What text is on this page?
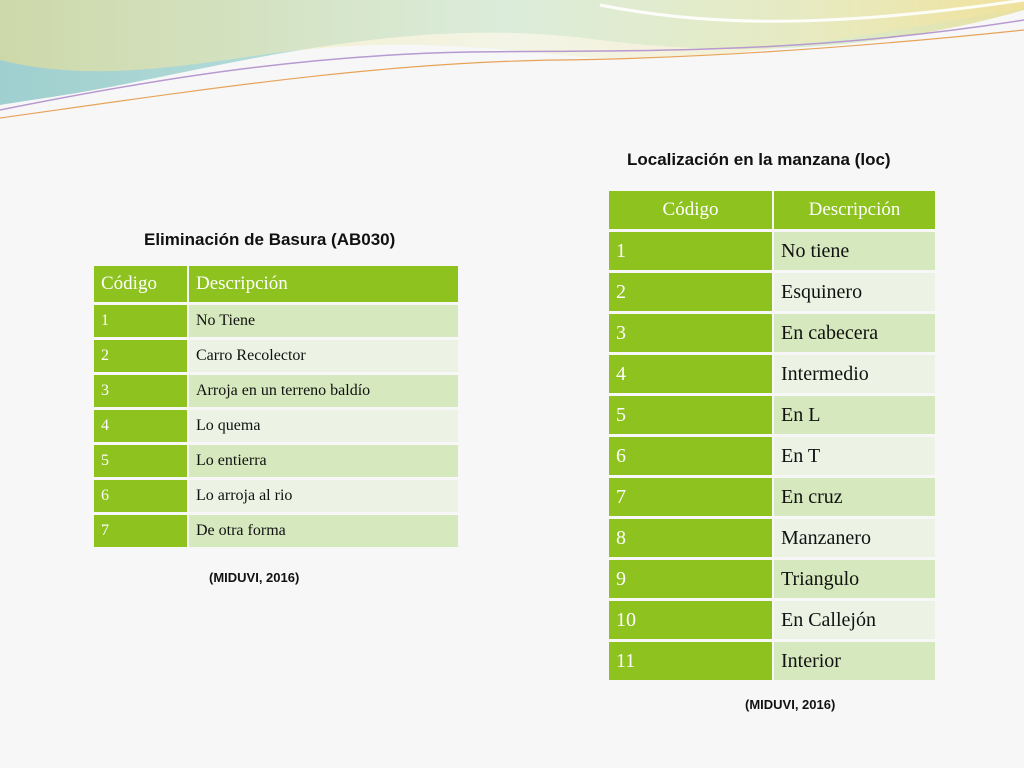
Eliminación de Basura (AB030)
Código	Descripción
1	No Tiene
2	Carro Recolector
3	Arroja en un terreno baldío
4	Lo quema
5	Lo entierra
6	Lo arroja al rio
7	De otra forma
(MIDUVI, 2016)
Localización en la manzana (loc)
Código	Descripción
1	No tiene
2	Esquinero
3	En cabecera
4	Intermedio
5	En L
6	En T
7	En cruz
8	Manzanero
9	Triangulo
10	En Callejón
11	Interior
(MIDUVI, 2016)
